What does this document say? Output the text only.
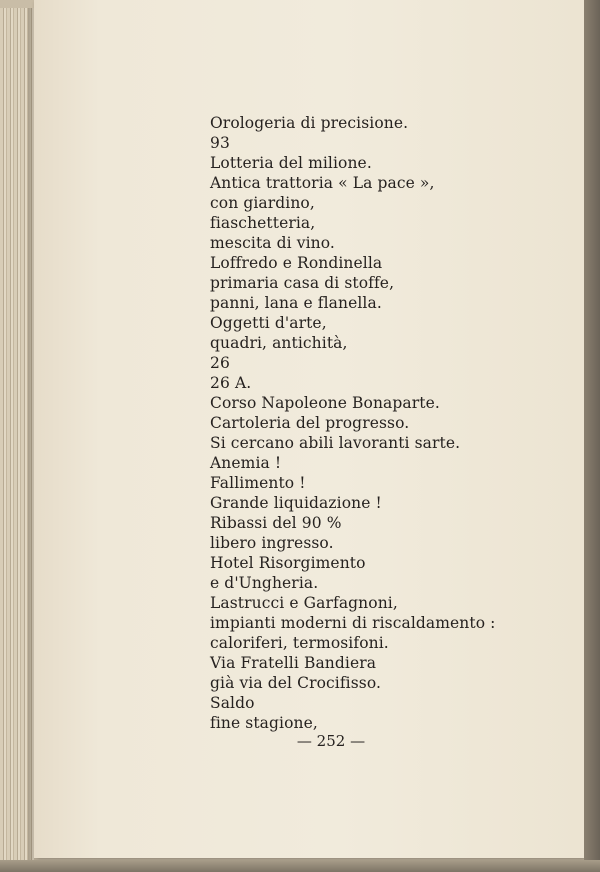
Orologeria di precisione.
93
Lotteria del milione.
Antica trattoria « La pace »,
con giardino,
fiaschetteria,
mescita di vino.
Loffredo e Rondinella
primaria casa di stoffe,
panni, lana e flanella.
Oggetti d'arte,
quadri, antichità,
26
26 A.
Corso Napoleone Bonaparte.
Cartoleria del progresso.
Si cercano abili lavoranti sarte.
Anemia !
Fallimento !
Grande liquidazione !
Ribassi del 90 %
libero ingresso.
Hotel Risorgimento
e d'Ungheria.
Lastrucci e Garfagnoni,
impianti moderni di riscaldamento :
caloriferi, termosifoni.
Via Fratelli Bandiera
già via del Crocifisso.
Saldo
fine stagione,
— 252 —
